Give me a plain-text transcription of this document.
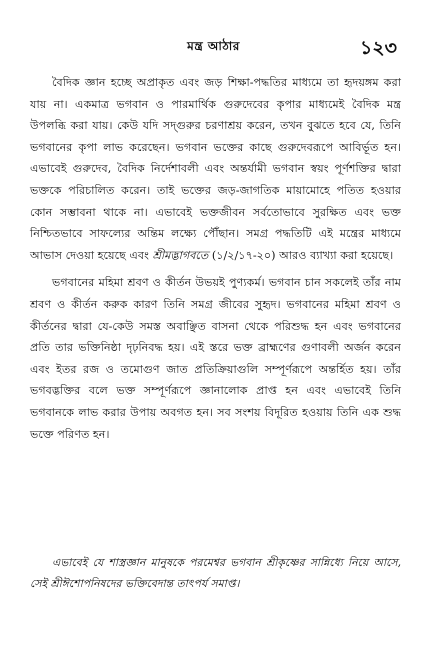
মন্ত্র আঠার	১২৩

বৈদিক জ্ঞান হচ্ছে অপ্রাকৃত এবং জড় শিক্ষা-পদ্ধতির মাধ্যমে তা হৃদয়ঙ্গম করা যায় না। একমাত্র ভগবান ও পারমার্থিক গুরুদেবের কৃপার মাধ্যমেই বৈদিক মন্ত্র উপলব্ধি করা যায়। কেউ যদি সদ্গুরুর চরণাশ্রয় করেন, তখন বুঝতে হবে যে, তিনি ভগবানের কৃপা লাভ করেছেন। ভগবান ভক্তের কাছে গুরুদেবরূপে আবির্ভূত হন। এভাবেই গুরুদেব, বৈদিক নির্দেশাবলী এবং অন্তর্যামী ভগবান স্বয়ং পূর্ণশক্তির দ্বারা ভক্তকে পরিচালিত করেন। তাই ভক্তের জড়-জাগতিক মায়ামোহে পতিত হওয়ার কোন সম্ভাবনা থাকে না। এভাবেই ভক্তজীবন সর্বতোভাবে সুরক্ষিত এবং ভক্ত নিশ্চিতভাবে সাফল্যের অন্তিম লক্ষ্যে পৌঁছান। সমগ্র পদ্ধতিটি এই মন্ত্রের মাধ্যমে আভাস দেওয়া হয়েছে এবং শ্রীমদ্ভাগবতে (১/২/১৭-২০) আরও ব্যাখ্যা করা হয়েছে।

ভগবানের মহিমা শ্রবণ ও কীর্তন উভয়ই পুণ্যকর্ম। ভগবান চান সকলেই তাঁর নাম শ্রবণ ও কীর্তন করুক কারণ তিনি সমগ্র জীবের সুহৃদ। ভগবানের মহিমা শ্রবণ ও কীর্তনের দ্বারা যে-কেউ সমস্ত অবাঞ্ছিত বাসনা থেকে পরিশুদ্ধ হন এবং ভগবানের প্রতি তার ভক্তিনিষ্ঠা দৃঢ়নিবদ্ধ হয়। এই স্তরে ভক্ত ব্রাহ্মণের গুণাবলী অর্জন করেন এবং ইতর রজ ও তমোগুণ জাত প্রতিক্রিয়াগুলি সম্পূর্ণরূপে অন্তর্হিত হয়। তাঁর ভগবদ্ভক্তির বলে ভক্ত সম্পূর্ণরূপে জ্ঞানালোক প্রাপ্ত হন এবং এভাবেই তিনি ভগবানকে লাভ করার উপায় অবগত হন। সব সংশয় বিদূরিত হওয়ায় তিনি এক শুদ্ধ ভক্তে পরিণত হন।

এভাবেই যে শাস্ত্রজ্ঞান মানুষকে পরমেশ্বর ভগবান শ্রীকৃষ্ণের সান্নিধ্যে নিয়ে আসে, সেই শ্রীঈশোপনিষদের ভক্তিবেদান্ত তাৎপর্য সমাপ্ত।
